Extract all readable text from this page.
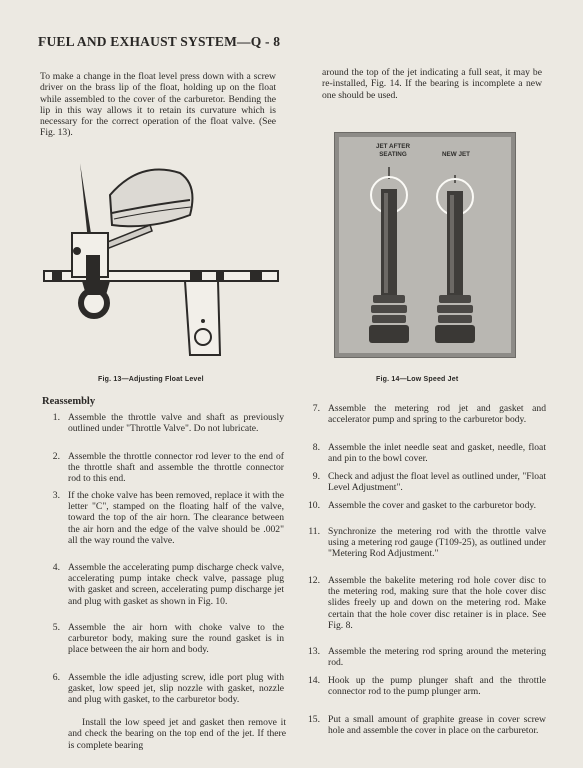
FUEL AND EXHAUST SYSTEM—Q - 8
To make a change in the float level press down with a screw driver on the brass lip of the float, holding up on the float while assembled to the cover of the carburetor. Bending the lip in this way allows it to retain its curvature which is necessary for the correct operation of the float valve. (See Fig. 13).
around the top of the jet indicating a full seat, it may be re-installed, Fig. 14. If the bearing is incomplete a new one should be used.
Fig. 13—Adjusting Float Level
JET AFTER SEATING	NEW JET
Fig. 14—Low Speed Jet
Reassembly
1. Assemble the throttle valve and shaft as previously outlined under "Throttle Valve". Do not lubricate.
2. Assemble the throttle connector rod lever to the end of the throttle shaft and assemble the throttle connector rod to this end.
3. If the choke valve has been removed, replace it with the letter "C", stamped on the floating half of the valve, toward the top of the air horn. The clearance between the air horn and the edge of the valve should be .002" all the way round the valve.
4. Assemble the accelerating pump discharge check valve, accelerating pump intake check valve, passage plug with gasket and screen, accelerating pump discharge jet and plug with gasket as shown in Fig. 10.
5. Assemble the air horn with choke valve to the carburetor body, making sure the round gasket is in place between the air horn and body.
6. Assemble the idle adjusting screw, idle port plug with gasket, low speed jet, slip nozzle with gasket, nozzle and plug with gasket, to the carburetor body.
Install the low speed jet and gasket then remove it and check the bearing on the top end of the jet. If there is complete bearing
7. Assemble the metering rod jet and gasket and accelerator pump and spring to the carburetor body.
8. Assemble the inlet needle seat and gasket, needle, float and pin to the bowl cover.
9. Check and adjust the float level as outlined under, "Float Level Adjustment".
10. Assemble the cover and gasket to the carburetor body.
11. Synchronize the metering rod with the throttle valve using a metering rod gauge (T109-25), as outlined under "Metering Rod Adjustment."
12. Assemble the bakelite metering rod hole cover disc to the metering rod, making sure that the hole cover disc slides freely up and down on the metering rod. Make certain that the hole cover disc retainer is in place. See Fig. 8.
13. Assemble the metering rod spring around the metering rod.
14. Hook up the pump plunger shaft and the throttle connector rod to the pump plunger arm.
15. Put a small amount of graphite grease in cover screw hole and assemble the cover in place on the carburetor.
